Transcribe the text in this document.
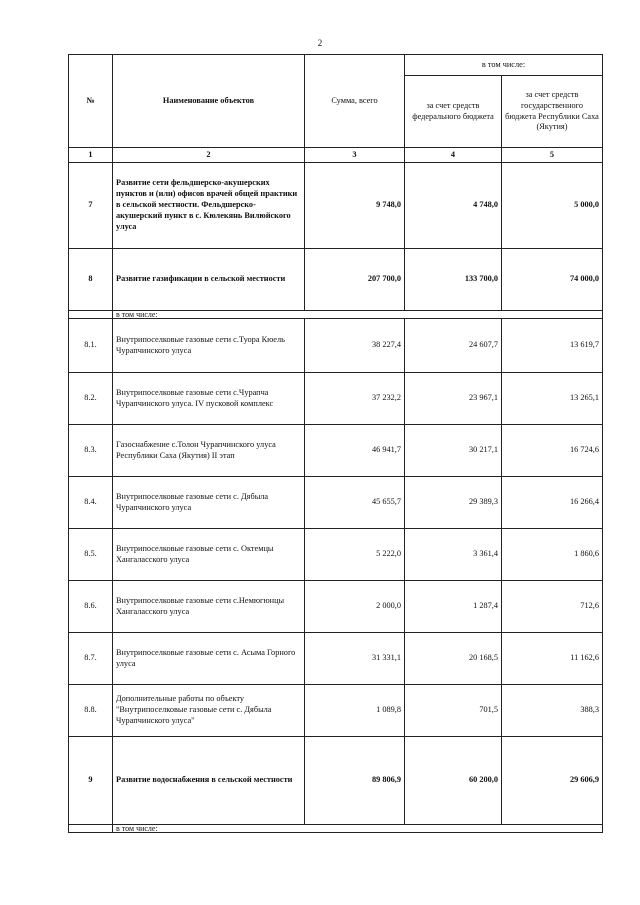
2
№	Наименование объектов	Сумма, всего	в том числе:	
			за счет средств федерального бюджета	за счет средств государственного бюджета Республики Саха (Якутия)
1	2	3	4	5
7	Развитие сети фельдшерско-акушерских пунктов и (или) офисов врачей общей практики в сельской местности. Фельдшерско-акушерский пункт в с. Кюлекянь Вилюйского улуса	9 748,0	4 748,0	5 000,0
8	Развитие газификации в сельской местности	207 700,0	133 700,0	74 000,0
	в том числе:			
8.1.	Внутрипоселковые газовые сети с.Туора Кюель Чурапчинского улуса	38 227,4	24 607,7	13 619,7
8.2.	Внутрипоселковые газовые сети с.Чурапча Чурапчинского улуса. IV пусковой комплекс	37 232,2	23 967,1	13 265,1
8.3.	Газоснабжение с.Толон Чурапчинского улуса Республики Саха (Якутия) II этап	46 941,7	30 217,1	16 724,6
8.4.	Внутрипоселковые газовые сети с. Дябыла Чурапчинского улуса	45 655,7	29 389,3	16 266,4
8.5.	Внутрипоселковые газовые сети с. Октемцы Хангаласского улуса	5 222,0	3 361,4	1 860,6
8.6.	Внутрипоселковые газовые сети с.Немюгюнцы Хангаласского улуса	2 000,0	1 287,4	712,6
8.7.	Внутрипоселковые газовые сети с. Асыма Горного улуса	31 331,1	20 168,5	11 162,6
8.8.	Дополнительные работы по объекту "Внутрипоселковые газовые сети с. Дябыла Чурапчинского улуса"	1 089,8	701,5	388,3
9	Развитие водоснабжения в сельской местности	89 806,9	60 200,0	29 606,9
	в том числе:			
